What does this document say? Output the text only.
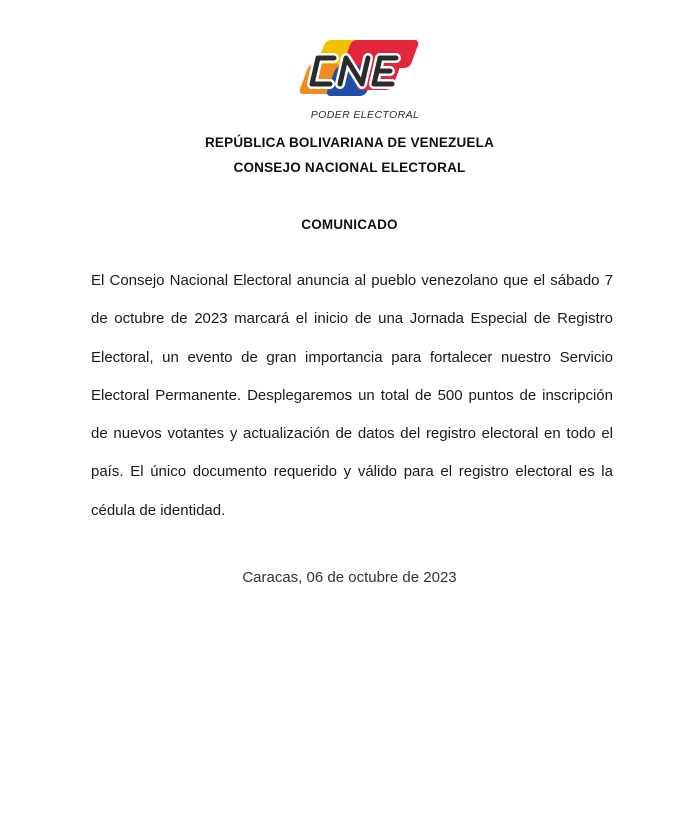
PODER ELECTORAL
REPÚBLICA BOLIVARIANA DE VENEZUELA
CONSEJO NACIONAL ELECTORAL
COMUNICADO
El Consejo Nacional Electoral anuncia al pueblo venezolano que el sábado 7 de octubre de 2023 marcará el inicio de una Jornada Especial de Registro Electoral, un evento de gran importancia para fortalecer nuestro Servicio Electoral Permanente. Desplegaremos un total de 500 puntos de inscripción de nuevos votantes y actualización de datos del registro electoral en todo el país. El único documento requerido y válido para el registro electoral es la cédula de identidad.
Caracas, 06 de octubre de 2023
